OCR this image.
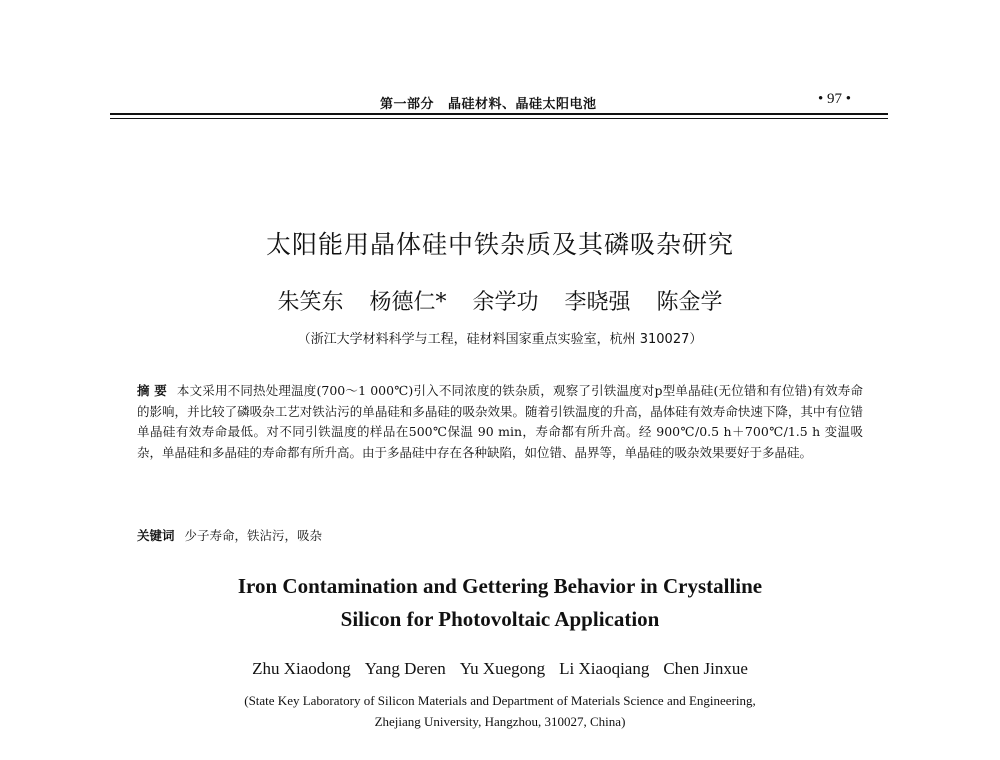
第一部分 晶硅材料、晶硅太阳电池	• 97 •
太阳能用晶体硅中铁杂质及其磷吸杂研究
朱笑东 杨德仁* 余学功 李晓强 陈金学
（浙江大学材料科学与工程，硅材料国家重点实验室，杭州 310027）
摘 要 本文采用不同热处理温度(700～1 000℃)引入不同浓度的铁杂质，观察了引铁温度对p型单晶硅(无位错和有位错)有效寿命的影响，并比较了磷吸杂工艺对铁沾污的单晶硅和多晶硅的吸杂效果。随着引铁温度的升高，晶体硅有效寿命快速下降，其中有位错单晶硅有效寿命最低。对不同引铁温度的样品在500℃保温 90 min，寿命都有所升高。经 900℃/0.5 h＋700℃/1.5 h 变温吸杂，单晶硅和多晶硅的寿命都有所升高。由于多晶硅中存在各种缺陷，如位错、晶界等，单晶硅的吸杂效果要好于多晶硅。
关键词 少子寿命，铁沾污，吸杂
Iron Contamination and Gettering Behavior in Crystalline
Silicon for Photovoltaic Application
Zhu Xiaodong Yang Deren Yu Xuegong Li Xiaoqiang Chen Jinxue
(State Key Laboratory of Silicon Materials and Department of Materials Science and Engineering,
Zhejiang University, Hangzhou, 310027, China)
